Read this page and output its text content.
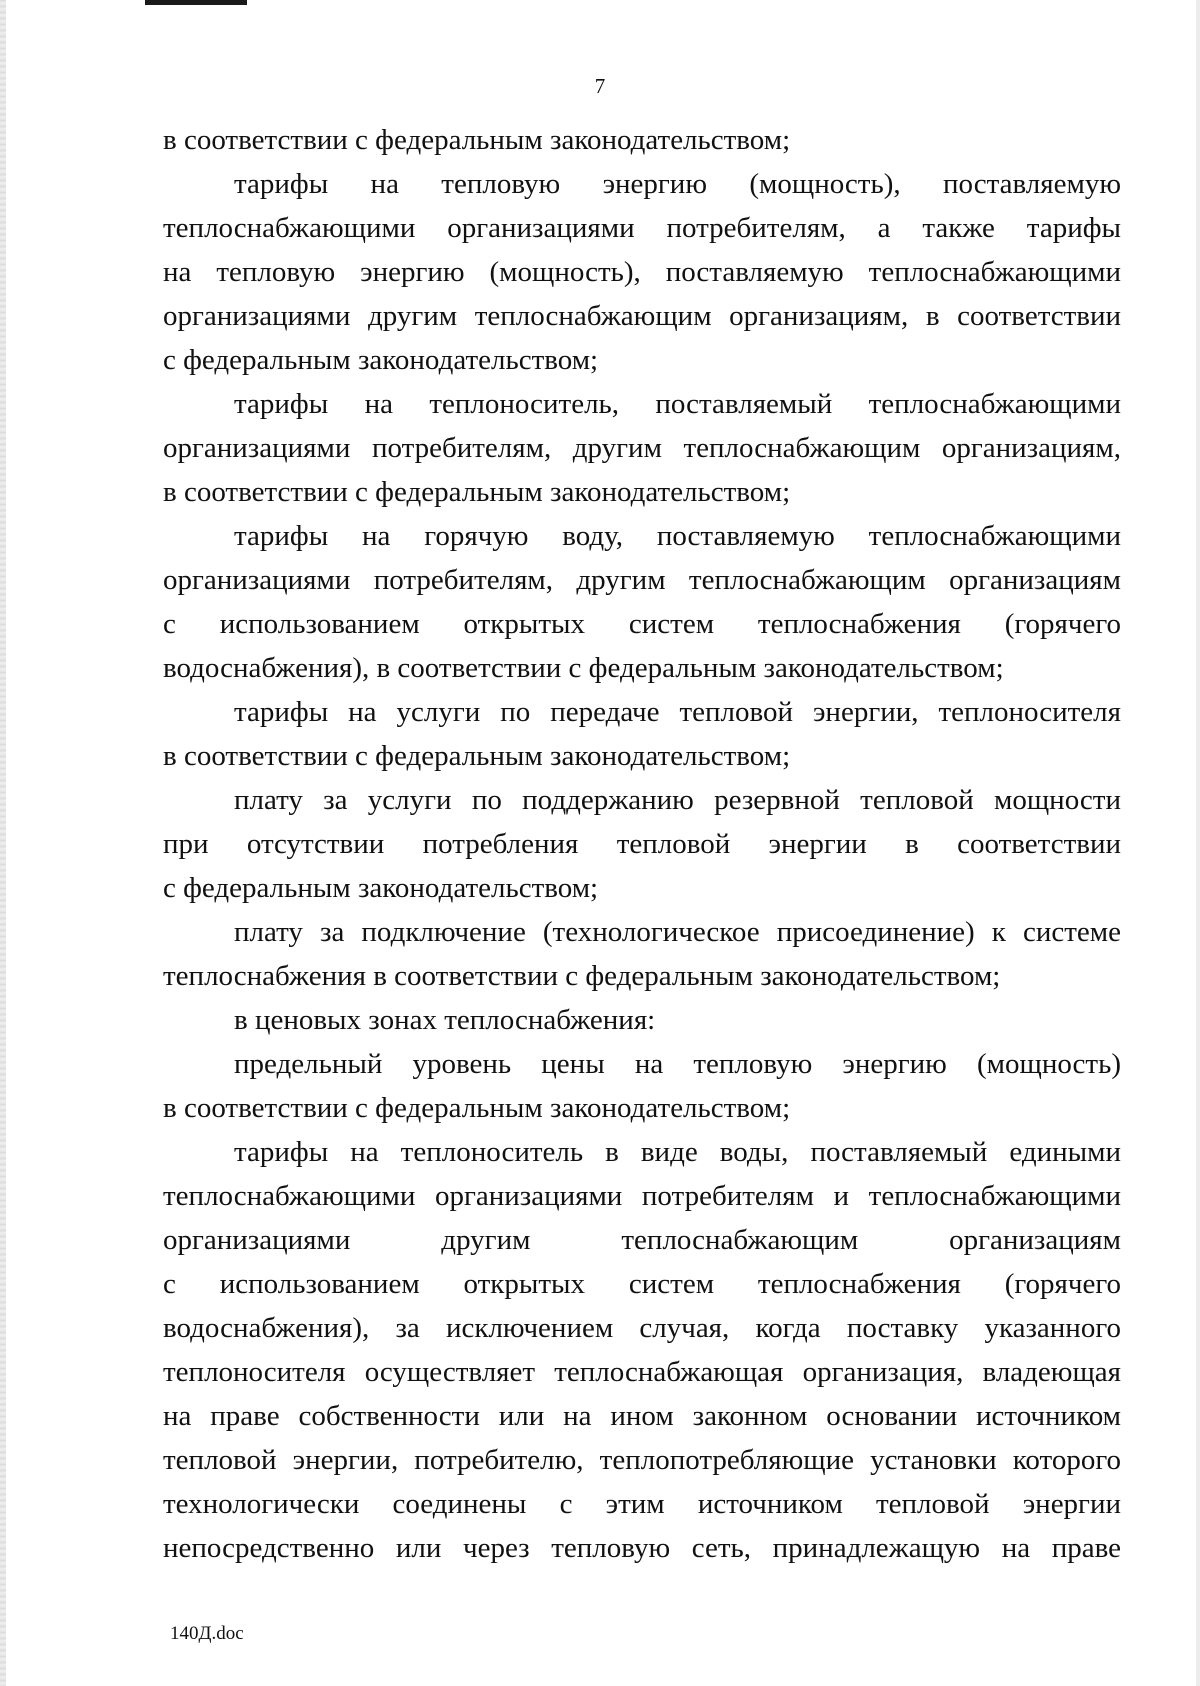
7
в соответствии с федеральным законодательством;
тарифы на тепловую энергию (мощность), поставляемую
теплоснабжающими организациями потребителям, а также тарифы
на тепловую энергию (мощность), поставляемую теплоснабжающими
организациями другим теплоснабжающим организациям, в соответствии
с федеральным законодательством;
тарифы на теплоноситель, поставляемый теплоснабжающими
организациями потребителям, другим теплоснабжающим организациям,
в соответствии с федеральным законодательством;
тарифы на горячую воду, поставляемую теплоснабжающими
организациями потребителям, другим теплоснабжающим организациям
с использованием открытых систем теплоснабжения (горячего
водоснабжения), в соответствии с федеральным законодательством;
тарифы на услуги по передаче тепловой энергии, теплоносителя
в соответствии с федеральным законодательством;
плату за услуги по поддержанию резервной тепловой мощности
при отсутствии потребления тепловой энергии в соответствии
с федеральным законодательством;
плату за подключение (технологическое присоединение) к системе
теплоснабжения в соответствии с федеральным законодательством;
в ценовых зонах теплоснабжения:
предельный уровень цены на тепловую энергию (мощность)
в соответствии с федеральным законодательством;
тарифы на теплоноситель в виде воды, поставляемый едиными
теплоснабжающими организациями потребителям и теплоснабжающими
организациями другим теплоснабжающим организациям
с использованием открытых систем теплоснабжения (горячего
водоснабжения), за исключением случая, когда поставку указанного
теплоносителя осуществляет теплоснабжающая организация, владеющая
на праве собственности или на ином законном основании источником
тепловой энергии, потребителю, теплопотребляющие установки которого
технологически соединены с этим источником тепловой энергии
непосредственно или через тепловую сеть, принадлежащую на праве
140Д.doc
